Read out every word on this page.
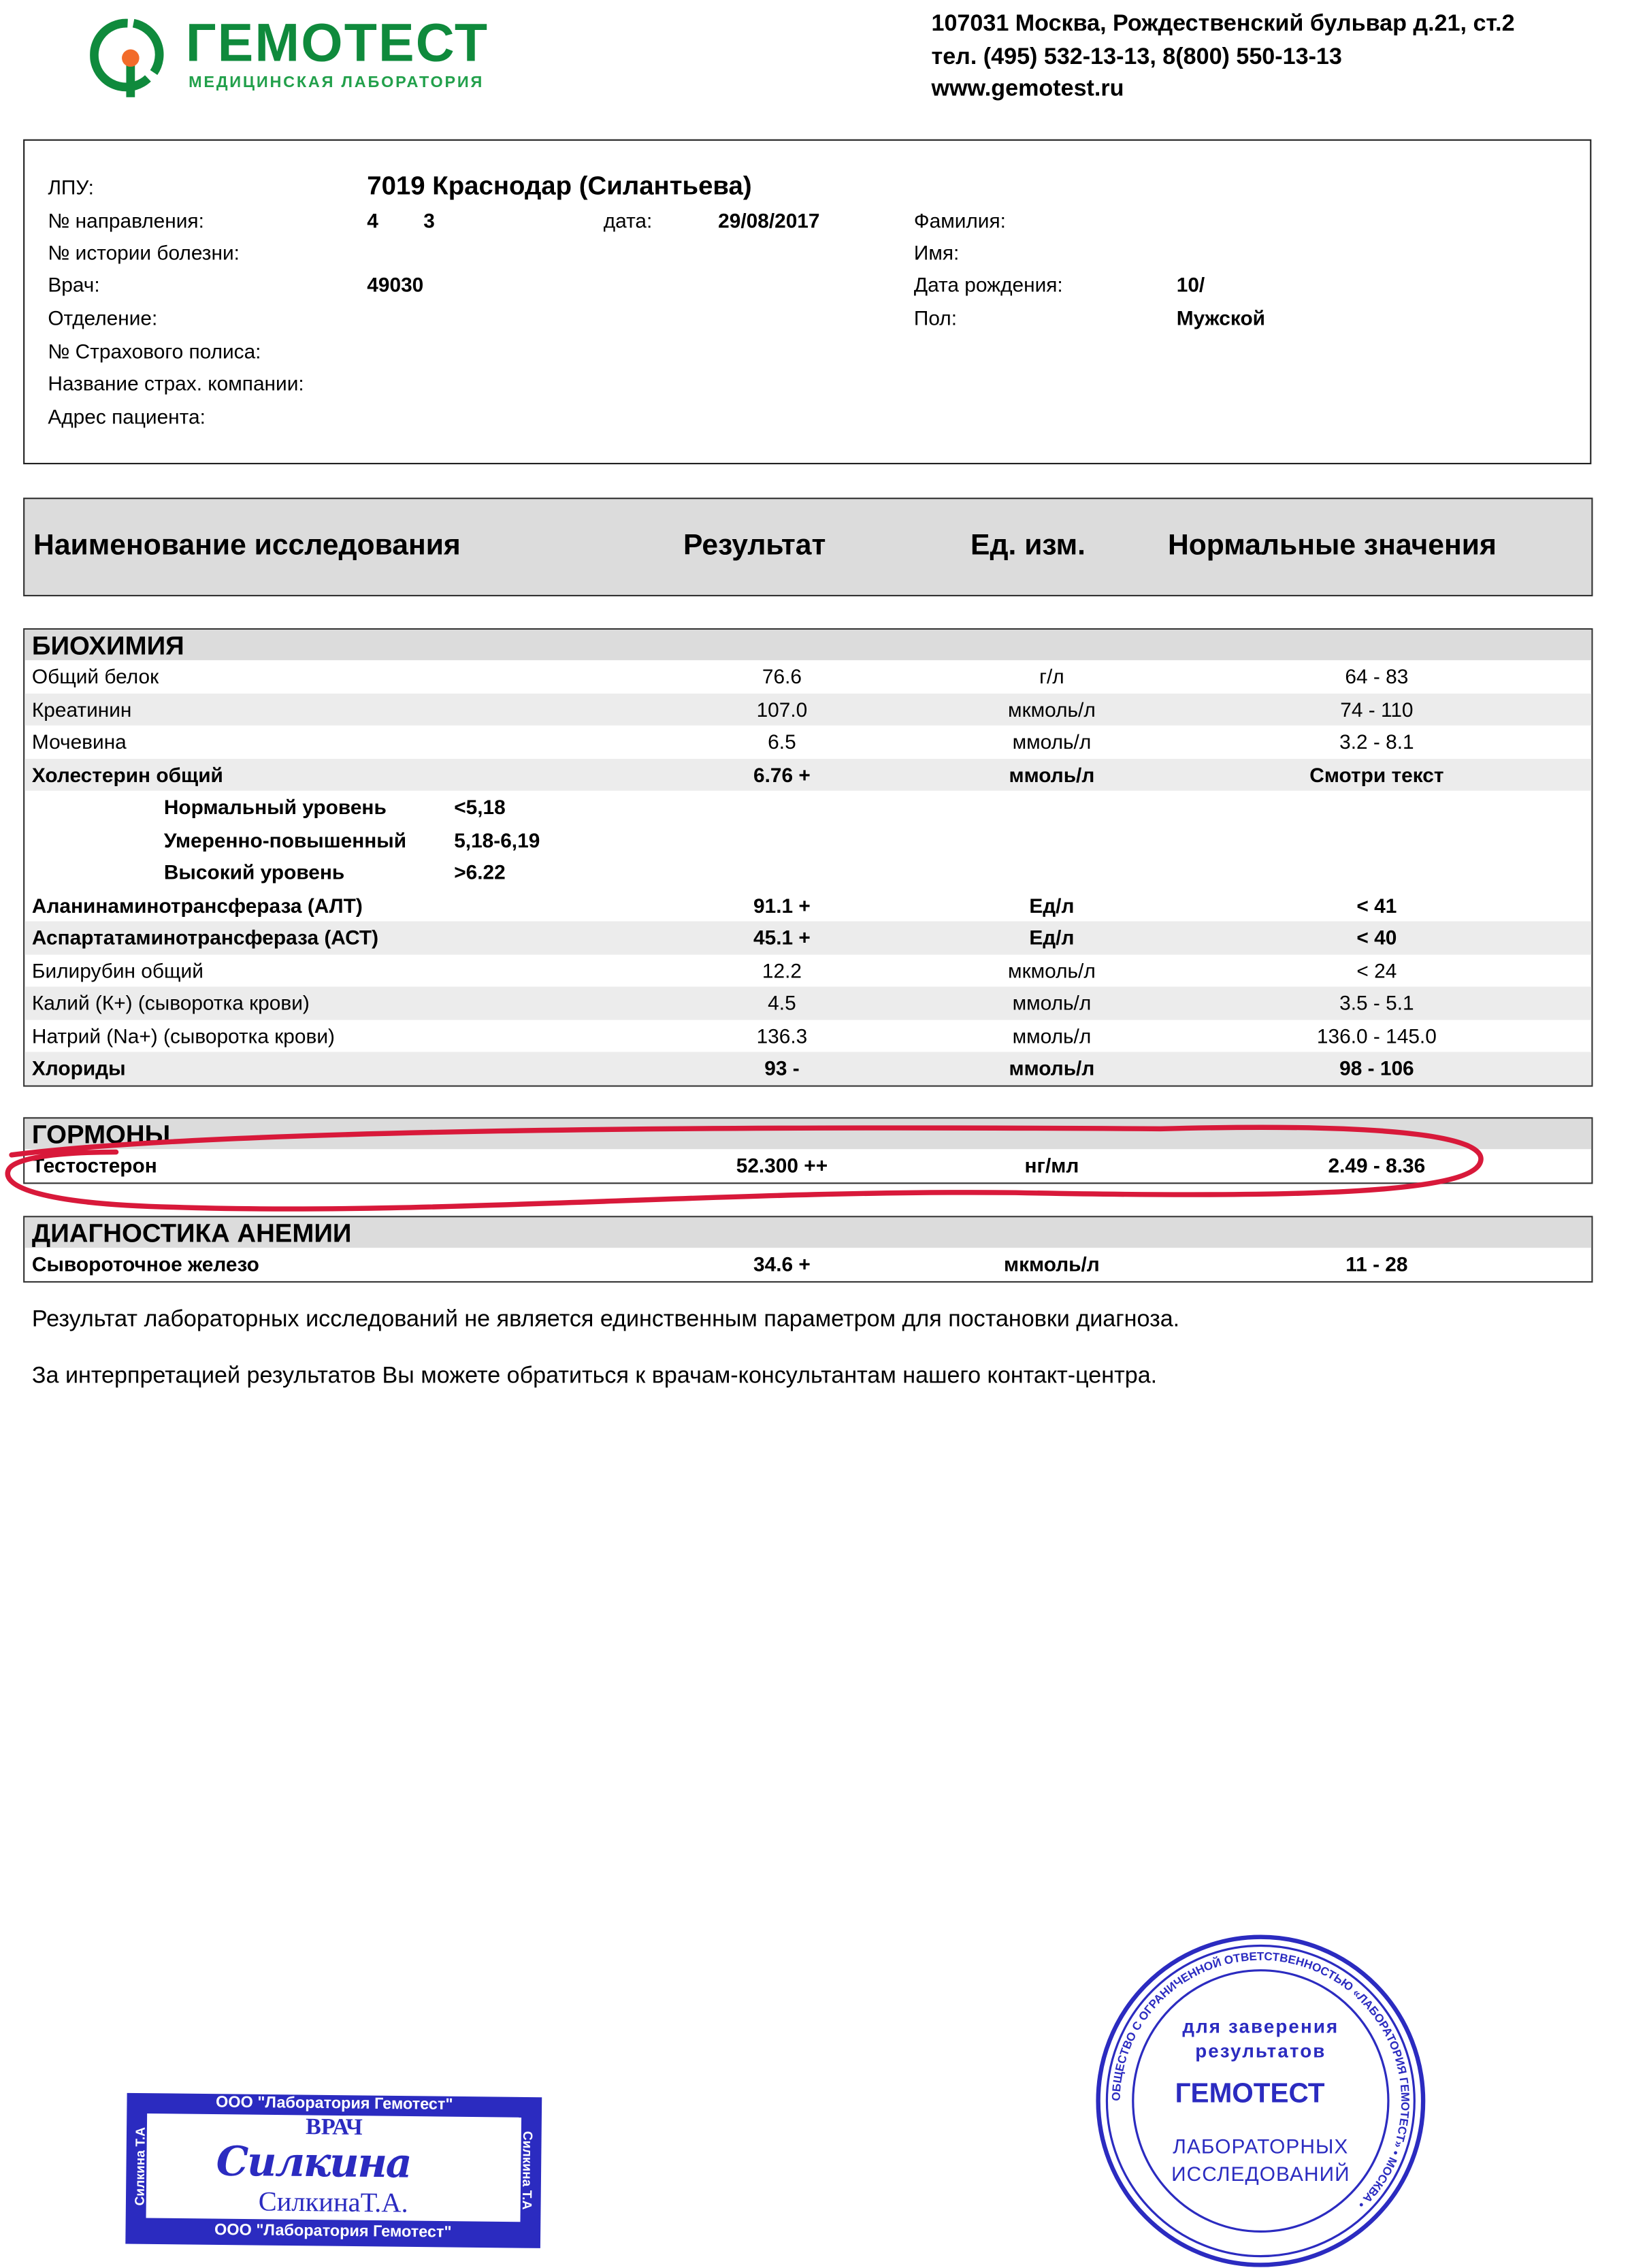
ГЕМОТЕСТ
МЕДИЦИНСКАЯ ЛАБОРАТОРИЯ
107031 Москва, Рождественский бульвар д.21, ст.2
тел. (495) 532-13-13, 8(800) 550-13-13
www.gemotest.ru
ЛПУ:	7019 Краснодар (Силантьева)
№ направления:	4        3	дата:	29/08/2017
№ истории болезни:
Врач:	49030
Отделение:
№ Страхового полиса:
Название страх. компании:
Адрес пациента:
Фамилия:
Имя:
Дата рождения:	10/
Пол:	Мужской
Наименование исследования	Результат	Ед. изм.	Нормальные значения
БИОХИМИЯ
Общий белок	76.6	г/л	64 - 83
Креатинин	107.0	мкмоль/л	74 - 110
Мочевина	6.5	ммоль/л	3.2 - 8.1
Холестерин общий	6.76 +	ммоль/л	Смотри текст
Нормальный уровень	<5,18
Умеренно-повышенный	5,18-6,19
Высокий уровень	>6.22
Аланинаминотрансфераза (АЛТ)	91.1 +	Ед/л	< 41
Аспартатаминотрансфераза (АСТ)	45.1 +	Ед/л	< 40
Билирубин общий	12.2	мкмоль/л	< 24
Калий (К+) (сыворотка крови)	4.5	ммоль/л	3.5 - 5.1
Натрий (Na+) (сыворотка крови)	136.3	ммоль/л	136.0 - 145.0
Хлориды	93 -	ммоль/л	98 - 106
ГОРМОНЫ
Тестостерон	52.300 ++	нг/мл	2.49 - 8.36
ДИАГНОСТИКА АНЕМИИ
Сывороточное железо	34.6 +	мкмоль/л	11 - 28
Результат лабораторных исследований не является единственным параметром для постановки диагноза.
За интерпретацией результатов Вы можете обратиться к врачам-консультантам нашего контакт-центра.
ООО "Лаборатория Гемотест"
ООО "Лаборатория Гемотест"
Силкина Т.А	Силкина Т.А
ВРАЧ
Силкина
СилкинаТ.А.
ОБЩЕСТВО С ОГРАНИЧЕННОЙ ОТВЕТСТВЕННОСТЬЮ «ЛАБОРАТОРИЯ ГЕМОТЕСТ» • МОСКВА •
для заверения
результатов
ГЕМОТЕСТ
ЛАБОРАТОРНЫХ
ИССЛЕДОВАНИЙ
